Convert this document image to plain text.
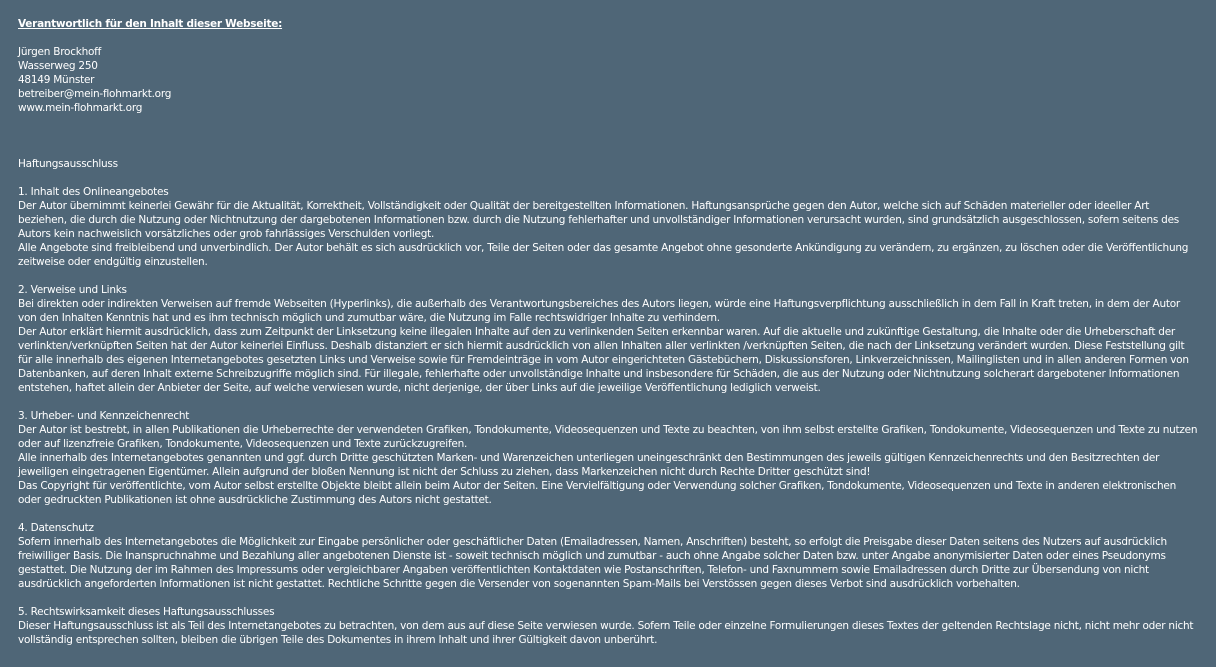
Verantwortlich für den Inhalt dieser Webseite:
Jürgen Brockhoff
Wasserweg 250
48149 Münster
betreiber@mein-flohmarkt.org
www.mein-flohmarkt.org
Haftungsausschluss

1. Inhalt des Onlineangebotes

Der Autor übernimmt keinerlei Gewähr für die Aktualität, Korrektheit, Vollständigkeit oder Qualität der bereitgestellten Informationen. Haftungsansprüche gegen den Autor, welche sich auf Schäden materieller oder ideeller Art beziehen, die durch die Nutzung oder Nichtnutzung der dargebotenen Informationen bzw. durch die Nutzung fehlerhafter und unvollständiger Informationen verursacht wurden, sind grundsätzlich ausgeschlossen, sofern seitens des Autors kein nachweislich vorsätzliches oder grob fahrlässiges Verschulden vorliegt.

Alle Angebote sind freibleibend und unverbindlich. Der Autor behält es sich ausdrücklich vor, Teile der Seiten oder das gesamte Angebot ohne gesonderte Ankündigung zu verändern, zu ergänzen, zu löschen oder die Veröffentlichung zeitweise oder endgültig einzustellen.

2. Verweise und Links

Bei direkten oder indirekten Verweisen auf fremde Webseiten (Hyperlinks), die außerhalb des Verantwortungsbereiches des Autors liegen, würde eine Haftungsverpflichtung ausschließlich in dem Fall in Kraft treten, in dem der Autor von den Inhalten Kenntnis hat und es ihm technisch möglich und zumutbar wäre, die Nutzung im Falle rechtswidriger Inhalte zu verhindern.

Der Autor erklärt hiermit ausdrücklich, dass zum Zeitpunkt der Linksetzung keine illegalen Inhalte auf den zu verlinkenden Seiten erkennbar waren. Auf die aktuelle und zukünftige Gestaltung, die Inhalte oder die Urheberschaft der verlinkten/verknüpften Seiten hat der Autor keinerlei Einfluss. Deshalb distanziert er sich hiermit ausdrücklich von allen Inhalten aller verlinkten /verknüpften Seiten, die nach der Linksetzung verändert wurden. Diese Feststellung gilt für alle innerhalb des eigenen Internetangebotes gesetzten Links und Verweise sowie für Fremdeinträge in vom Autor eingerichteten Gästebüchern, Diskussionsforen, Linkverzeichnissen, Mailinglisten und in allen anderen Formen von Datenbanken, auf deren Inhalt externe Schreibzugriffe möglich sind. Für illegale, fehlerhafte oder unvollständige Inhalte und insbesondere für Schäden, die aus der Nutzung oder Nichtnutzung solcherart dargebotener Informationen entstehen, haftet allein der Anbieter der Seite, auf welche verwiesen wurde, nicht derjenige, der über Links auf die jeweilige Veröffentlichung lediglich verweist.

3. Urheber- und Kennzeichenrecht

Der Autor ist bestrebt, in allen Publikationen die Urheberrechte der verwendeten Grafiken, Tondokumente, Videosequenzen und Texte zu beachten, von ihm selbst erstellte Grafiken, Tondokumente, Videosequenzen und Texte zu nutzen oder auf lizenzfreie Grafiken, Tondokumente, Videosequenzen und Texte zurückzugreifen.

Alle innerhalb des Internetangebotes genannten und ggf. durch Dritte geschützten Marken- und Warenzeichen unterliegen uneingeschränkt den Bestimmungen des jeweils gültigen Kennzeichenrechts und den Besitzrechten der jeweiligen eingetragenen Eigentümer. Allein aufgrund der bloßen Nennung ist nicht der Schluss zu ziehen, dass Markenzeichen nicht durch Rechte Dritter geschützt sind!

Das Copyright für veröffentlichte, vom Autor selbst erstellte Objekte bleibt allein beim Autor der Seiten. Eine Vervielfältigung oder Verwendung solcher Grafiken, Tondokumente, Videosequenzen und Texte in anderen elektronischen oder gedruckten Publikationen ist ohne ausdrückliche Zustimmung des Autors nicht gestattet.

4. Datenschutz

Sofern innerhalb des Internetangebotes die Möglichkeit zur Eingabe persönlicher oder geschäftlicher Daten (Emailadressen, Namen, Anschriften) besteht, so erfolgt die Preisgabe dieser Daten seitens des Nutzers auf ausdrücklich freiwilliger Basis. Die Inanspruchnahme und Bezahlung aller angebotenen Dienste ist - soweit technisch möglich und zumutbar - auch ohne Angabe solcher Daten bzw. unter Angabe anonymisierter Daten oder eines Pseudonyms gestattet. Die Nutzung der im Rahmen des Impressums oder vergleichbarer Angaben veröffentlichten Kontaktdaten wie Postanschriften, Telefon- und Faxnummern sowie Emailadressen durch Dritte zur Übersendung von nicht ausdrücklich angeforderten Informationen ist nicht gestattet. Rechtliche Schritte gegen die Versender von sogenannten Spam-Mails bei Verstössen gegen dieses Verbot sind ausdrücklich vorbehalten.

5. Rechtswirksamkeit dieses Haftungsausschlusses

Dieser Haftungsausschluss ist als Teil des Internetangebotes zu betrachten, von dem aus auf diese Seite verwiesen wurde. Sofern Teile oder einzelne Formulierungen dieses Textes der geltenden Rechtslage nicht, nicht mehr oder nicht vollständig entsprechen sollten, bleiben die übrigen Teile des Dokumentes in ihrem Inhalt und ihrer Gültigkeit davon unberührt.
